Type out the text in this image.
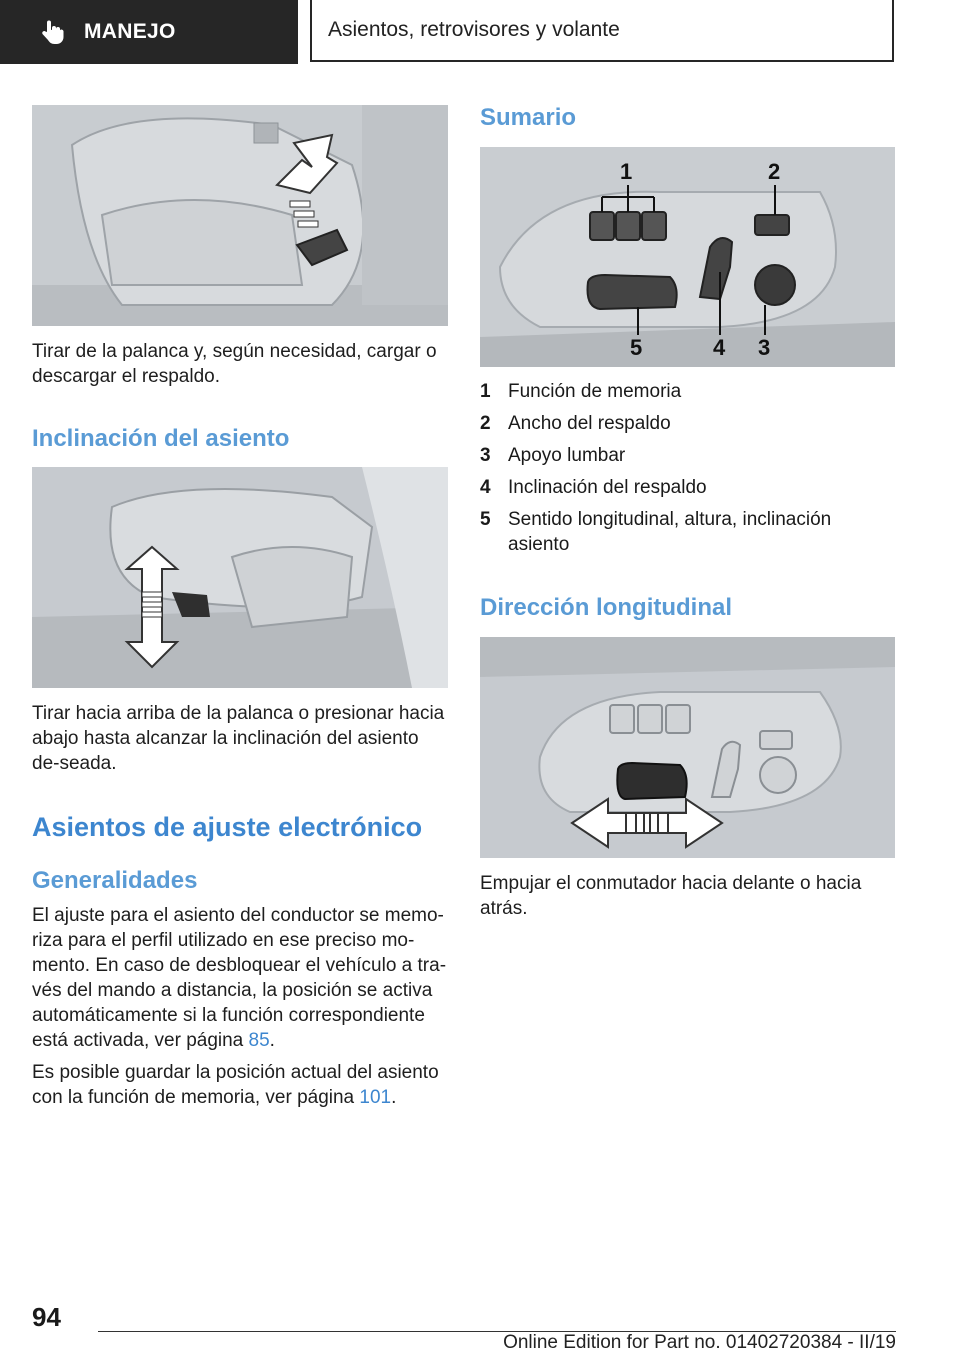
MANEJO	Asientos, retrovisores y volante

Tirar de la palanca y, según necesidad, cargar o descargar el respaldo.

Inclinación del asiento

Tirar hacia arriba de la palanca o presionar hacia abajo hasta alcanzar la inclinación del asiento de-seada.

Asientos de ajuste electrónico
Generalidades

El ajuste para el asiento del conductor se memo-riza para el perfil utilizado en ese preciso mo-mento. En caso de desbloquear el vehículo a tra-vés del mando a distancia, la posición se activa automáticamente si la función correspondiente está activada, ver página 85.

Es posible guardar la posición actual del asiento con la función de memoria, ver página 101.

Sumario
1	2
5	4 3
1 Función de memoria
2 Ancho del respaldo
3 Apoyo lumbar
4 Inclinación del respaldo
5 Sentido longitudinal, altura, inclinación asiento
Dirección longitudinal

Empujar el conmutador hacia delante o hacia atrás.

94
Online Edition for Part no. 01402720384 - II/19
